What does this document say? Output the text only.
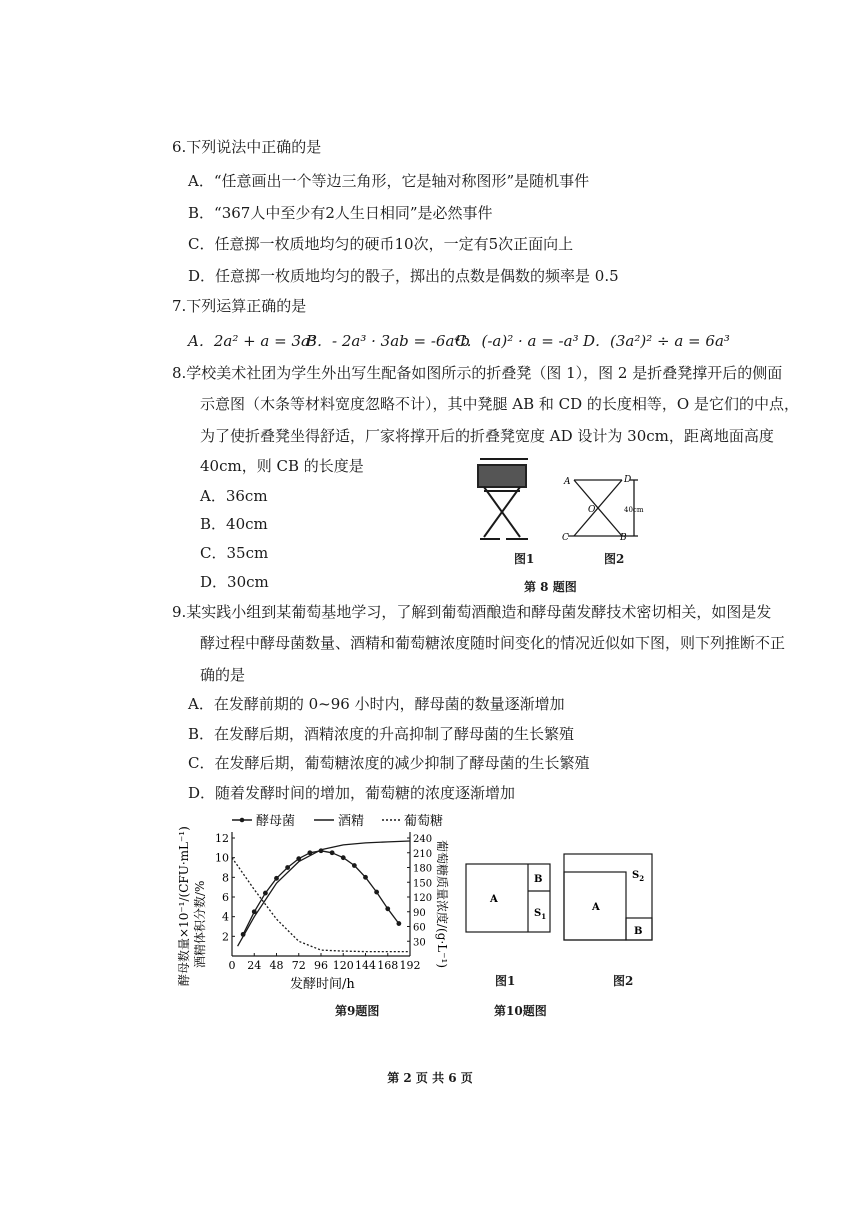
6.下列说法中正确的是
A．“任意画出一个等边三角形，它是轴对称图形”是随机事件
B．“367人中至少有2人生日相同”是必然事件
C．任意掷一枚质地均匀的硬币10次，一定有5次正面向上
D．任意掷一枚质地均匀的骰子，掷出的点数是偶数的频率是 0.5
7.下列运算正确的是
A．2a² + a = 3a³
B．- 2a³ · 3ab = -6a⁴b
C．(-a)² · a = -a³ D．(3a²)² ÷ a = 6a³
8.学校美术社团为学生外出写生配备如图所示的折叠凳（图 1），图 2 是折叠凳撑开后的侧面
示意图（木条等材料宽度忽略不计），其中凳腿 AB 和 CD 的长度相等，O 是它们的中点，
为了使折叠凳坐得舒适，厂家将撑开后的折叠凳宽度 AD 设计为 30cm，距离地面高度
40cm，则 CB 的长度是
A．36cm
B．40cm
C．35cm
D．30cm
图1
A	D
O
C	B
40cm
图2
第 8 题图
9.某实践小组到某葡萄基地学习，了解到葡萄酒酿造和酵母菌发酵技术密切相关，如图是发
酵过程中酵母菌数量、酒精和葡萄糖浓度随时间变化的情况近似如下图，则下列推断不正
确的是
A．在发酵前期的 0~96 小时内，酵母菌的数量逐渐增加
B．在发酵后期，酒精浓度的升高抑制了酵母菌的生长繁殖
C．在发酵后期，葡萄糖浓度的减少抑制了酵母菌的生长繁殖
D．随着发酵时间的增加，葡萄糖的浓度逐渐增加
酵母菌	酒精	葡萄糖
酵母数量×10⁻¹/(CFU·mL⁻¹) 酒精体积分数/%	葡萄糖质量浓度/(g·L⁻¹)
发酵时间/h
0 24 48 72 96 120 144 168 192
2
4
6
8
10
12
30
60
90
120
150
180
210
240
第9题图
A
B
$S_1$
图1
A
B
$S_2$
图2
第10题图
第 2 页 共 6 页
